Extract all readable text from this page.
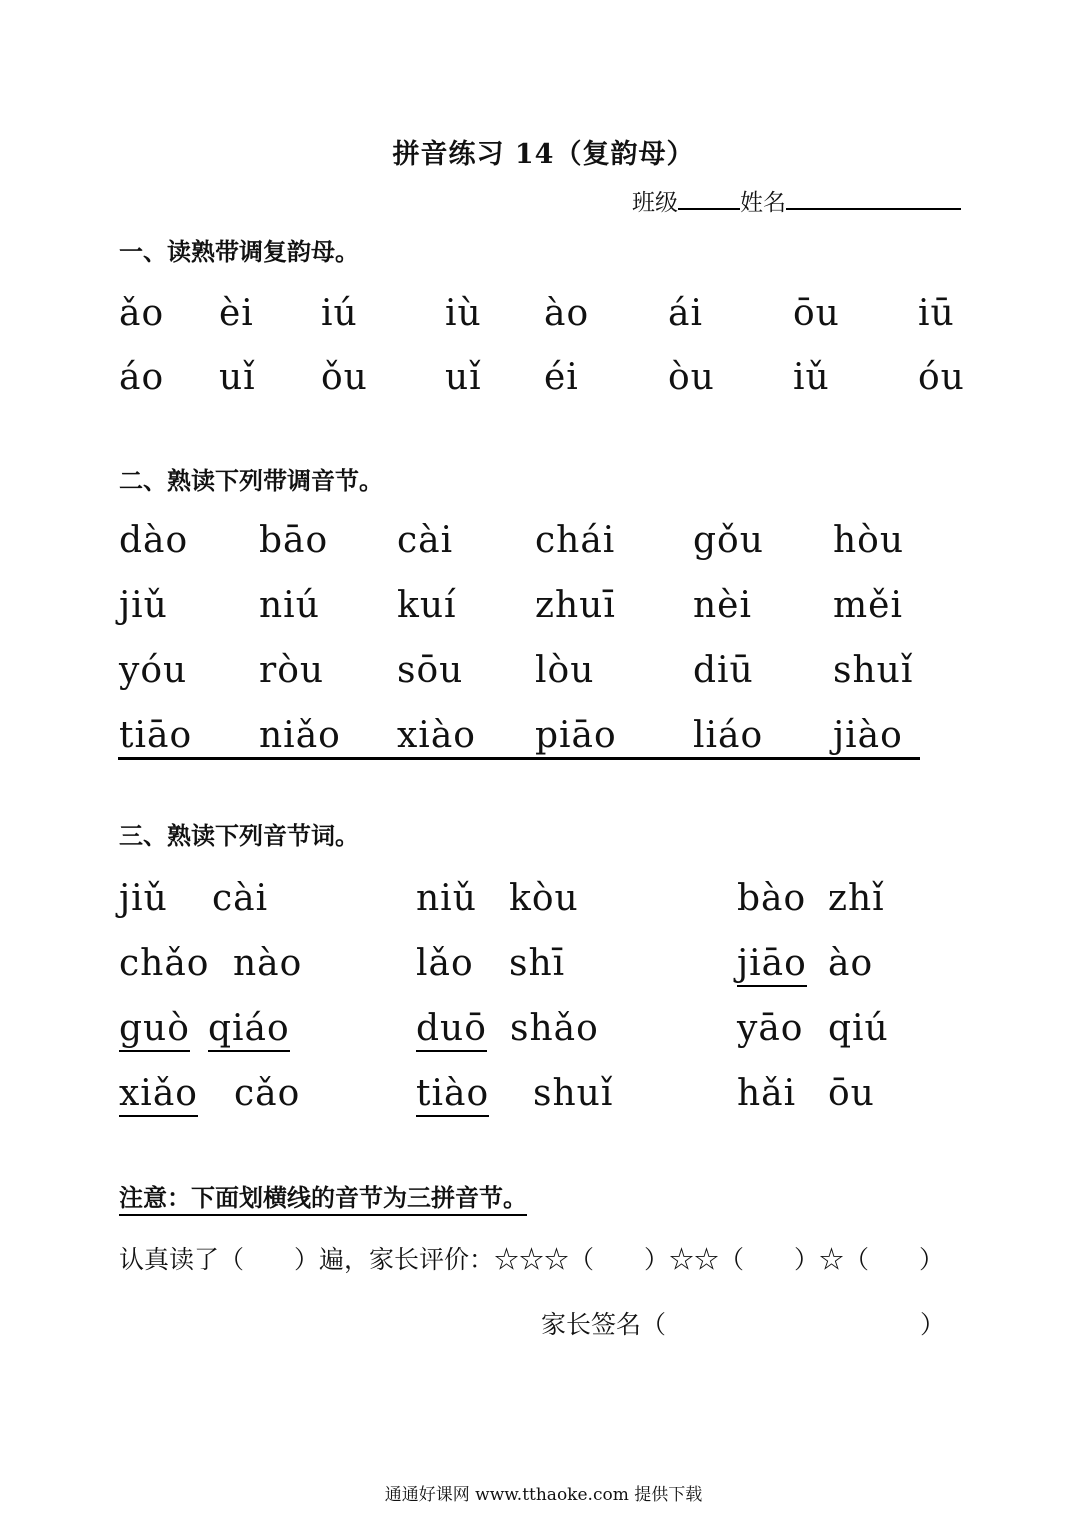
拼音练习 14（复韵母）
班级	姓名
一、读熟带调复韵母。
ǎo èi iú iù ào ái	ōu iū
áo uǐ ǒu uǐ éi òu iǔ óu
二、熟读下列带调音节。
dào bāo cài chái gǒu hòu
jiǔ	niú kuí zhuī nèi měi
yóu ròu sōu lòu	diū shuǐ
tiāo niǎo xiào piāo liáo jiào
三、熟读下列音节词。
jiǔ cài	niǔ kòu	bào zhǐ
chǎo nào	lǎo shī	jiāo ào
guò qiáo	duō shǎo	yāo qiú
xiǎo cǎo	tiào shuǐ	hǎi ōu
注意：下面划横线的音节为三拼音节。
认真读了（　　）遍，家长评价：☆☆☆（　　）☆☆（　　）☆（　　）
家长签名（	）
通通好课网 www.tthaoke.com 提供下载
